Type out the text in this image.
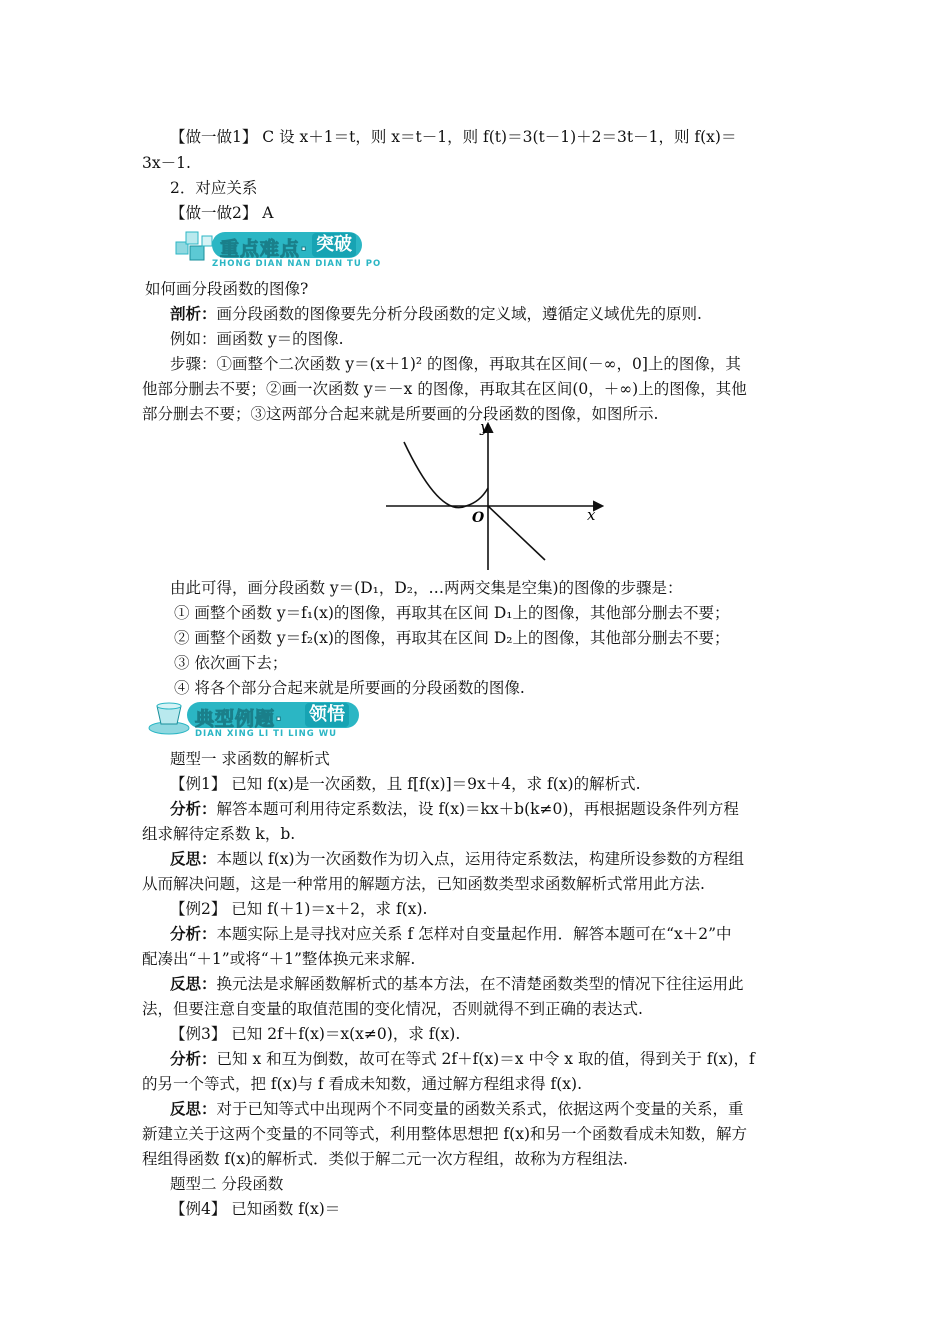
【做一做1】 C 设 x＋1＝t，则 x＝t－1，则 f(t)＝3(t－1)＋2＝3t－1，则 f(x)＝
3x－1.
2．对应关系
【做一做2】 A
重点难点· 突破
ZHONG DIAN NAN DIAN TU PO
如何画分段函数的图像?
剖析：画分段函数的图像要先分析分段函数的定义域，遵循定义域优先的原则.
例如：画函数 y＝的图像.
步骤：①画整个二次函数 y＝(x＋1)² 的图像，再取其在区间(－∞，0]上的图像，其
他部分删去不要；②画一次函数 y＝－x 的图像，再取其在区间(0，＋∞)上的图像，其他
部分删去不要；③这两部分合起来就是所要画的分段函数的图像，如图所示.
y
x
O
由此可得，画分段函数 y＝(D₁，D₂，…两两交集是空集)的图像的步骤是：
① 画整个函数 y＝f₁(x)的图像，再取其在区间 D₁上的图像，其他部分删去不要；
② 画整个函数 y＝f₂(x)的图像，再取其在区间 D₂上的图像，其他部分删去不要；
③ 依次画下去；
④ 将各个部分合起来就是所要画的分段函数的图像.
典型例题· 领悟
DIAN XING LI TI LING WU
题型一 求函数的解析式
【例1】 已知 f(x)是一次函数，且 f[f(x)]＝9x＋4，求 f(x)的解析式.
分析：解答本题可利用待定系数法，设 f(x)＝kx＋b(k≠0)，再根据题设条件列方程
组求解待定系数 k，b.
反思：本题以 f(x)为一次函数作为切入点，运用待定系数法，构建所设参数的方程组
从而解决问题，这是一种常用的解题方法，已知函数类型求函数解析式常用此方法.
【例2】 已知 f(＋1)＝x＋2，求 f(x).
分析：本题实际上是寻找对应关系 f 怎样对自变量起作用．解答本题可在“x＋2”中
配凑出“＋1”或将“＋1”整体换元来求解.
反思：换元法是求解函数解析式的基本方法，在不清楚函数类型的情况下往往运用此
法，但要注意自变量的取值范围的变化情况，否则就得不到正确的表达式.
【例3】 已知 2f＋f(x)＝x(x≠0)，求 f(x).
分析：已知 x 和互为倒数，故可在等式 2f＋f(x)＝x 中令 x 取的值，得到关于 f(x)，f
的另一个等式，把 f(x)与 f 看成未知数，通过解方程组求得 f(x).
反思：对于已知等式中出现两个不同变量的函数关系式，依据这两个变量的关系，重
新建立关于这两个变量的不同等式，利用整体思想把 f(x)和另一个函数看成未知数，解方
程组得函数 f(x)的解析式．类似于解二元一次方程组，故称为方程组法.
题型二 分段函数
【例4】 已知函数 f(x)＝
